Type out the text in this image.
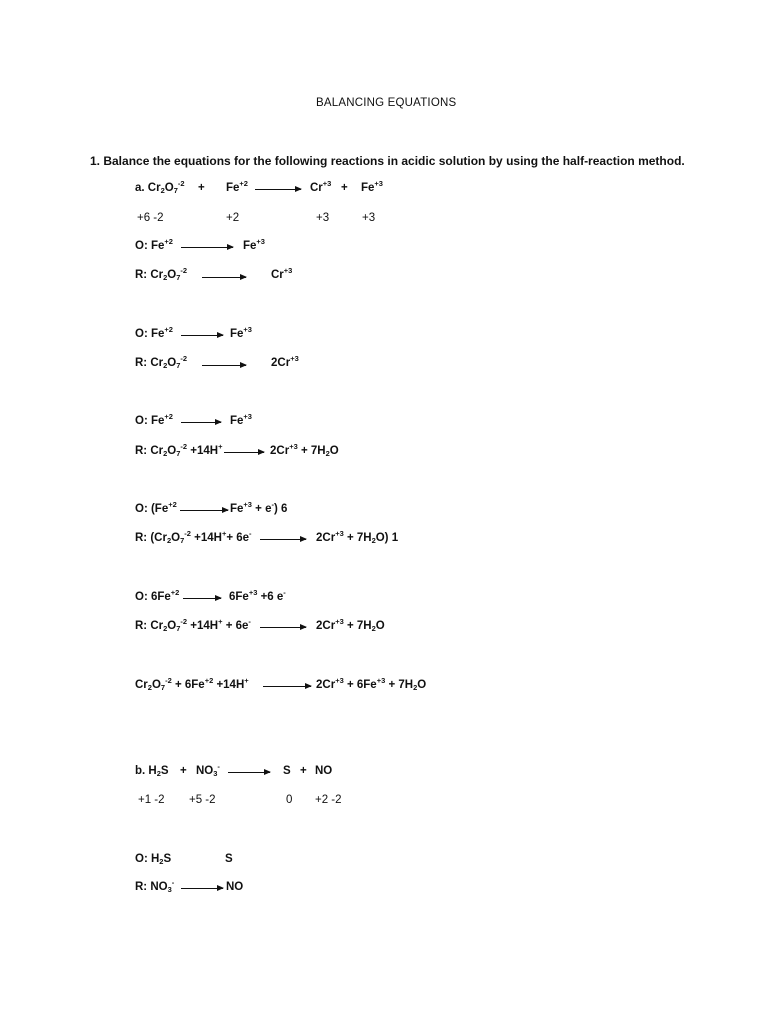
BALANCING EQUATIONS
1. Balance the equations for the following reactions in acidic solution by using the half-reaction method.
a. $Cr_2O_7^{-2} + Fe^{+2} \to Cr^{+3} + Fe^{+3}$
+6 -2	+2	+3	+3
O: $Fe^{+2}$	$Fe^{+3}$
R: $Cr_2O_7^{-2}$	$Cr^{+3}$
O: $Fe^{+2} \to Fe^{+3}$
R: $Cr_2O_7^{-2}$	$2Cr^{+3}$
O: $Fe^{+2} \to Fe^{+3}$
R: $Cr_2O_7^{-2} +14H^+ \to 2Cr^{+3} + 7H_2O$
O: ($Fe^{+2}$	$Fe^{+3} + e^-$) 6
R: $(Cr_2O_7^{-2} +14H^++ 6e^- \to 2Cr^{+3} + 7H_2O)$ 1
O: $6Fe^{+2} \to 6Fe^{+3} +6$ e-
R: $Cr_2O_7^{-2} +14H^+ + 6e^- \to 2Cr^{+3} + 7H_2O$
$Cr_2O_7^{-2} + 6Fe^{+2} +14H^+$	$2Cr^{+3} + 6Fe^{+3} + 7H_2O$
b. $H_2S + NO_3^- \to S$ + NO
+1 -2 +5 -2	0 +2 -2
O: $H_2S$	S
R: $NO_3^-$ → NO
